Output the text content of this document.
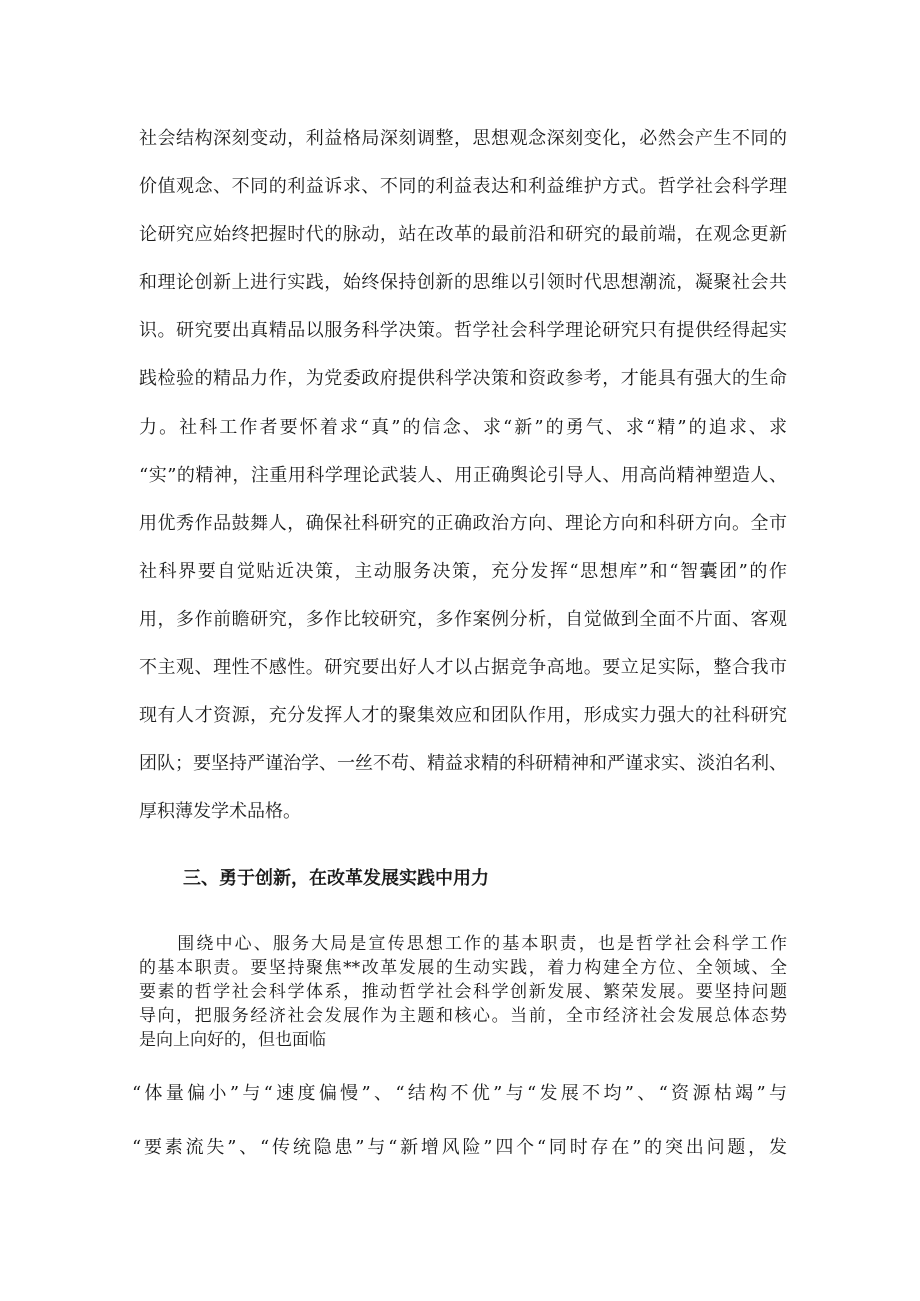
社会结构深刻变动，利益格局深刻调整，思想观念深刻变化，必然会产生不同的
价值观念、不同的利益诉求、不同的利益表达和利益维护方式。哲学社会科学理
论研究应始终把握时代的脉动，站在改革的最前沿和研究的最前端，在观念更新
和理论创新上进行实践，始终保持创新的思维以引领时代思想潮流，凝聚社会共
识。研究要出真精品以服务科学决策。哲学社会科学理论研究只有提供经得起实
践检验的精品力作，为党委政府提供科学决策和资政参考，才能具有强大的生命
力。社科工作者要怀着求“真”的信念、求“新”的勇气、求“精”的追求、求
“实”的精神，注重用科学理论武装人、用正确舆论引导人、用高尚精神塑造人、
用优秀作品鼓舞人，确保社科研究的正确政治方向、理论方向和科研方向。全市
社科界要自觉贴近决策，主动服务决策，充分发挥“思想库”和“智囊团”的作
用，多作前瞻研究，多作比较研究，多作案例分析，自觉做到全面不片面、客观
不主观、理性不感性。研究要出好人才以占据竞争高地。要立足实际，整合我市
现有人才资源，充分发挥人才的聚集效应和团队作用，形成实力强大的社科研究
团队；要坚持严谨治学、一丝不苟、精益求精的科研精神和严谨求实、淡泊名利、
厚积薄发学术品格。
三、勇于创新，在改革发展实践中用力
　　围绕中心、服务大局是宣传思想工作的基本职责，也是哲学社会科学工作
的基本职责。要坚持聚焦**改革发展的生动实践，着力构建全方位、全领域、全
要素的哲学社会科学体系，推动哲学社会科学创新发展、繁荣发展。要坚持问题
导向，把服务经济社会发展作为主题和核心。当前，全市经济社会发展总体态势
是向上向好的，但也面临
“体量偏小”与“速度偏慢”、“结构不优”与“发展不均”、“资源枯竭”与
“要素流失”、“传统隐患”与“新增风险”四个“同时存在”的突出问题，发
